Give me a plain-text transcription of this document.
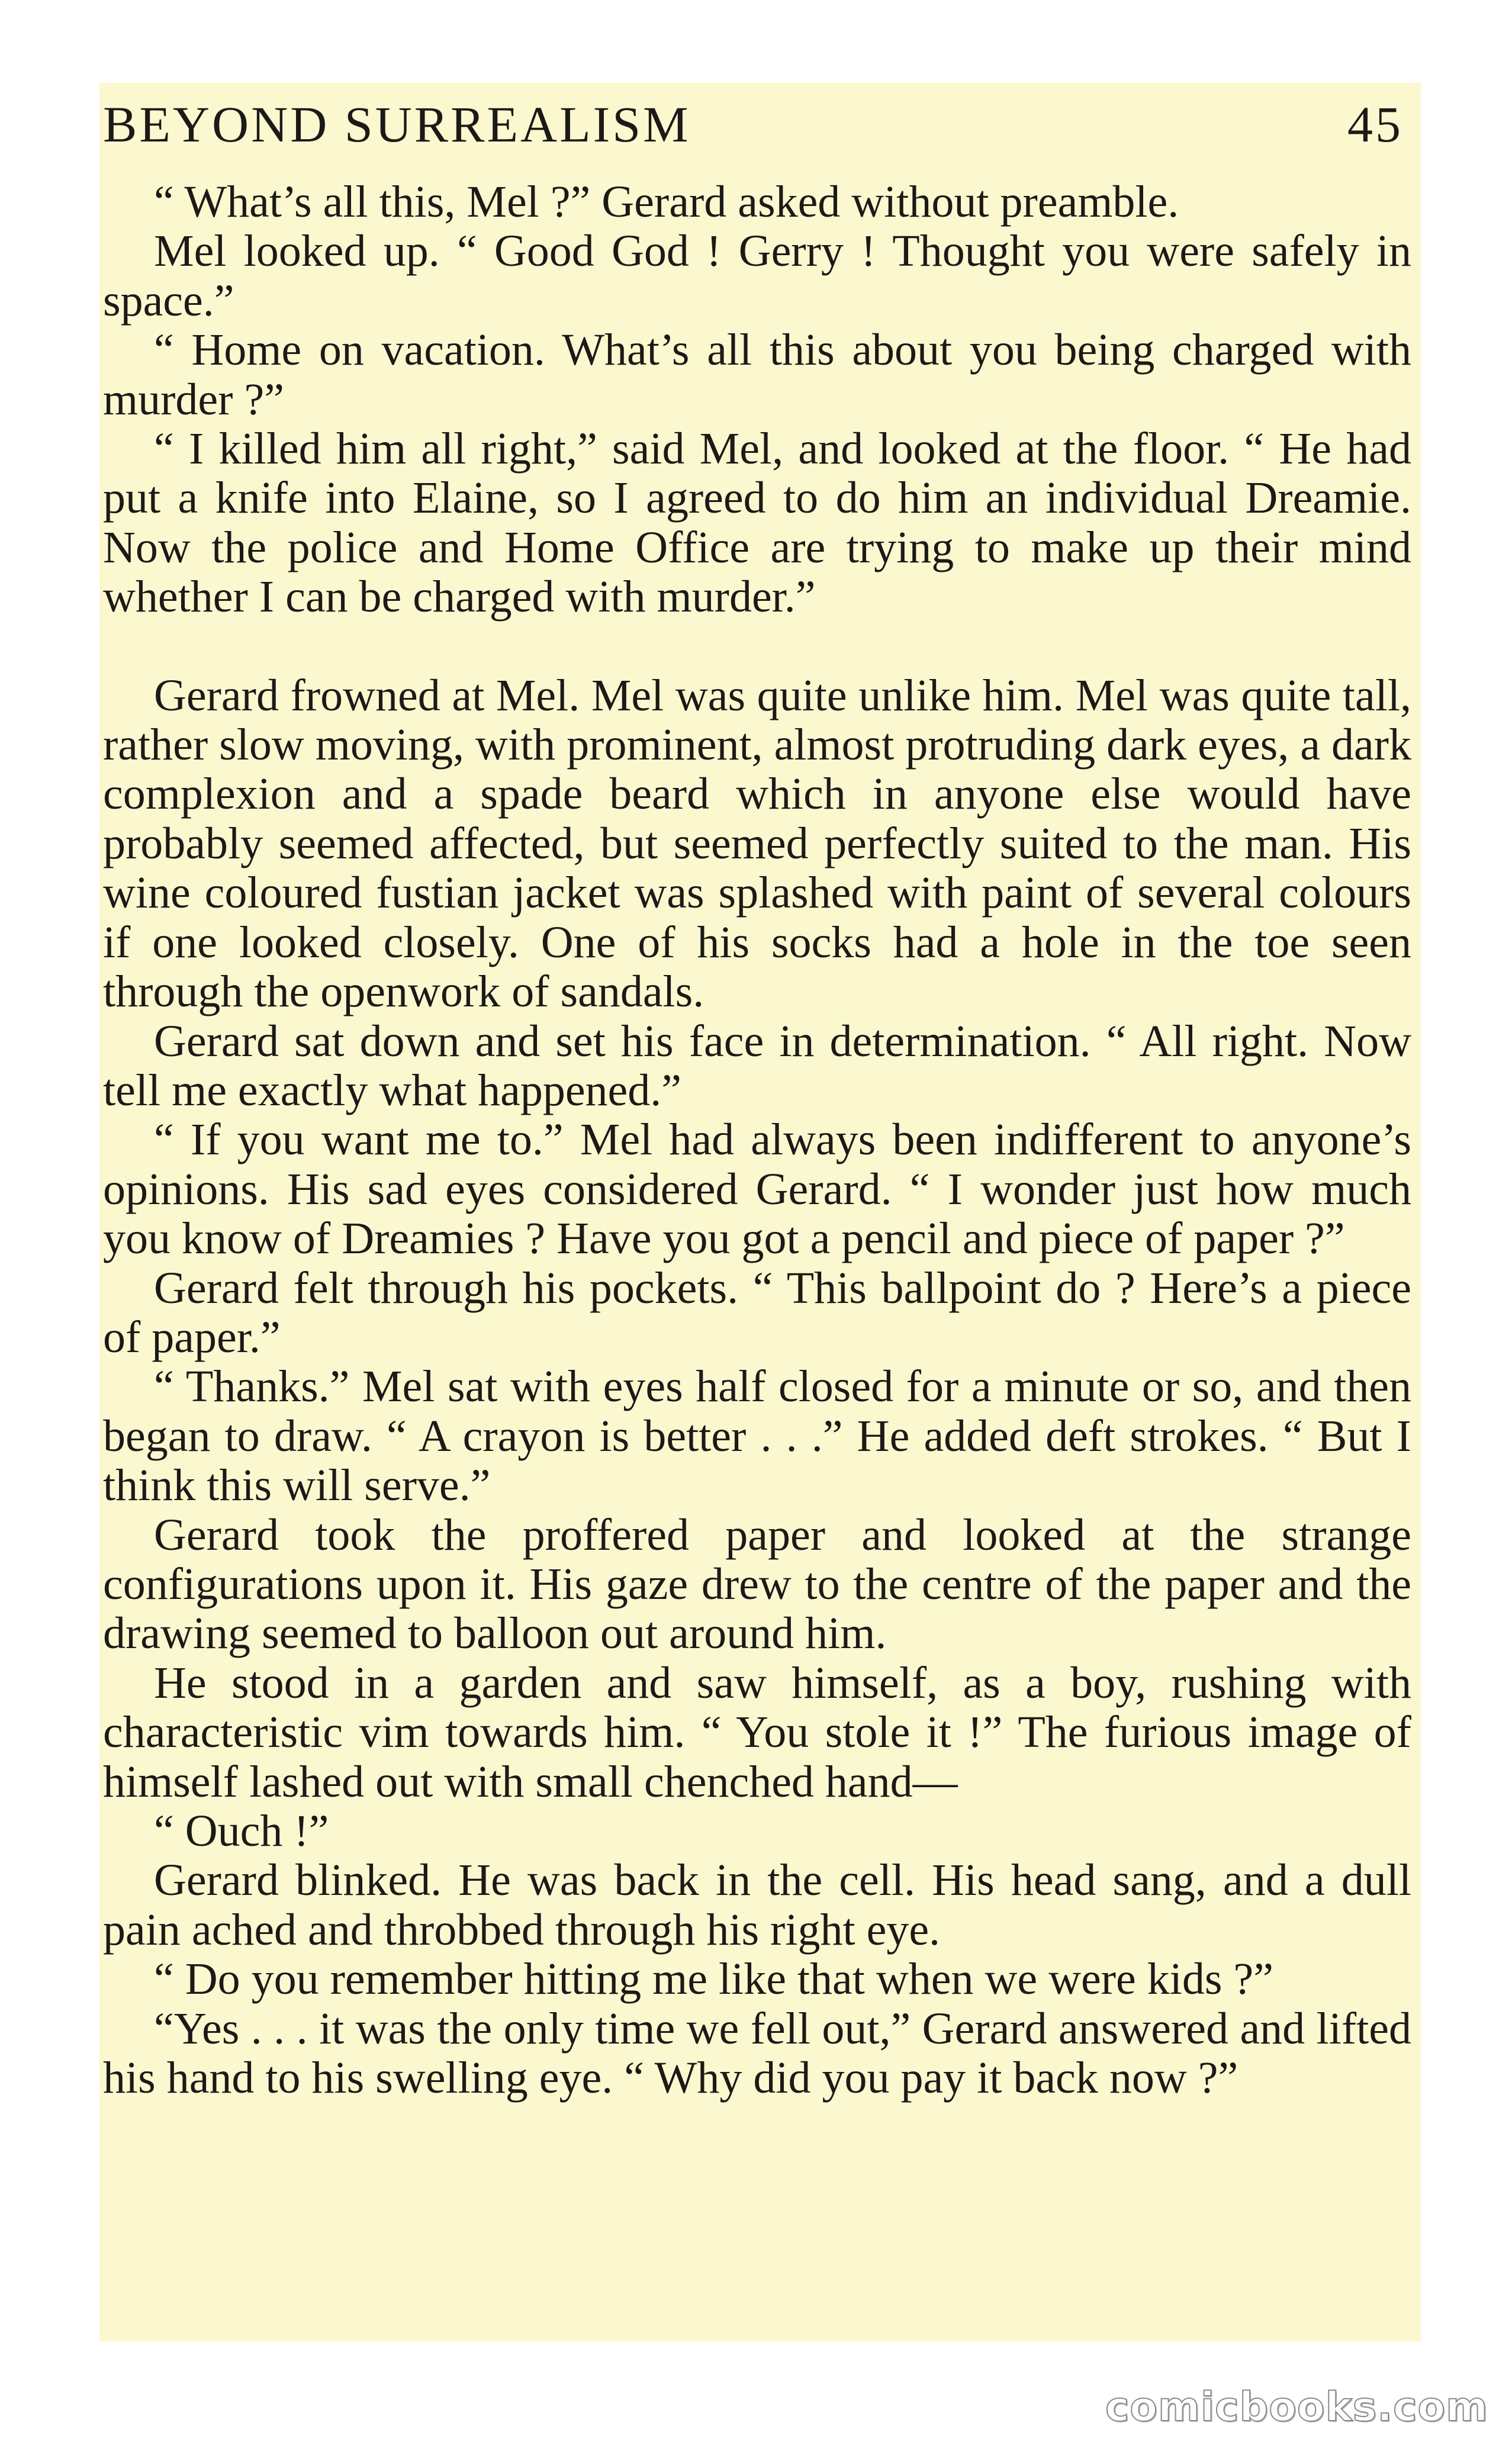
BEYOND SURREALISM	45

“ What’s all this, Mel ?” Gerard asked without preamble.

Mel looked up. “ Good God ! Gerry ! Thought you were safely in space.”

“ Home on vacation. What’s all this about you being charged with murder ?”

“ I killed him all right,” said Mel, and looked at the floor. “ He had put a knife into Elaine, so I agreed to do him an individual Dreamie. Now the police and Home Office are trying to make up their mind whether I can be charged with murder.”

Gerard frowned at Mel. Mel was quite unlike him. Mel was quite tall, rather slow moving, with prominent, almost protruding dark eyes, a dark complexion and a spade beard which in anyone else would have probably seemed affected, but seemed perfectly suited to the man. His wine coloured fustian jacket was splashed with paint of several colours if one looked closely. One of his socks had a hole in the toe seen through the openwork of sandals.

Gerard sat down and set his face in determination. “ All right. Now tell me exactly what happened.”

“ If you want me to.” Mel had always been indifferent to anyone’s opinions. His sad eyes considered Gerard. “ I wonder just how much you know of Dreamies ? Have you got a pencil and piece of paper ?”

Gerard felt through his pockets. “ This ballpoint do ? Here’s a piece of paper.”

“ Thanks.” Mel sat with eyes half closed for a minute or so, and then began to draw. “ A crayon is better . . .” He added deft strokes. “ But I think this will serve.”

Gerard took the proffered paper and looked at the strange configurations upon it. His gaze drew to the centre of the paper and the drawing seemed to balloon out around him.

He stood in a garden and saw himself, as a boy, rushing with characteristic vim towards him. “ You stole it !” The furious image of himself lashed out with small chenched hand—

“ Ouch !”

Gerard blinked. He was back in the cell. His head sang, and a dull pain ached and throbbed through his right eye.

“ Do you remember hitting me like that when we were kids ?”

“Yes . . . it was the only time we fell out,” Gerard answered and lifted his hand to his swelling eye. “ Why did you pay it back now ?”

comicbooks.com
